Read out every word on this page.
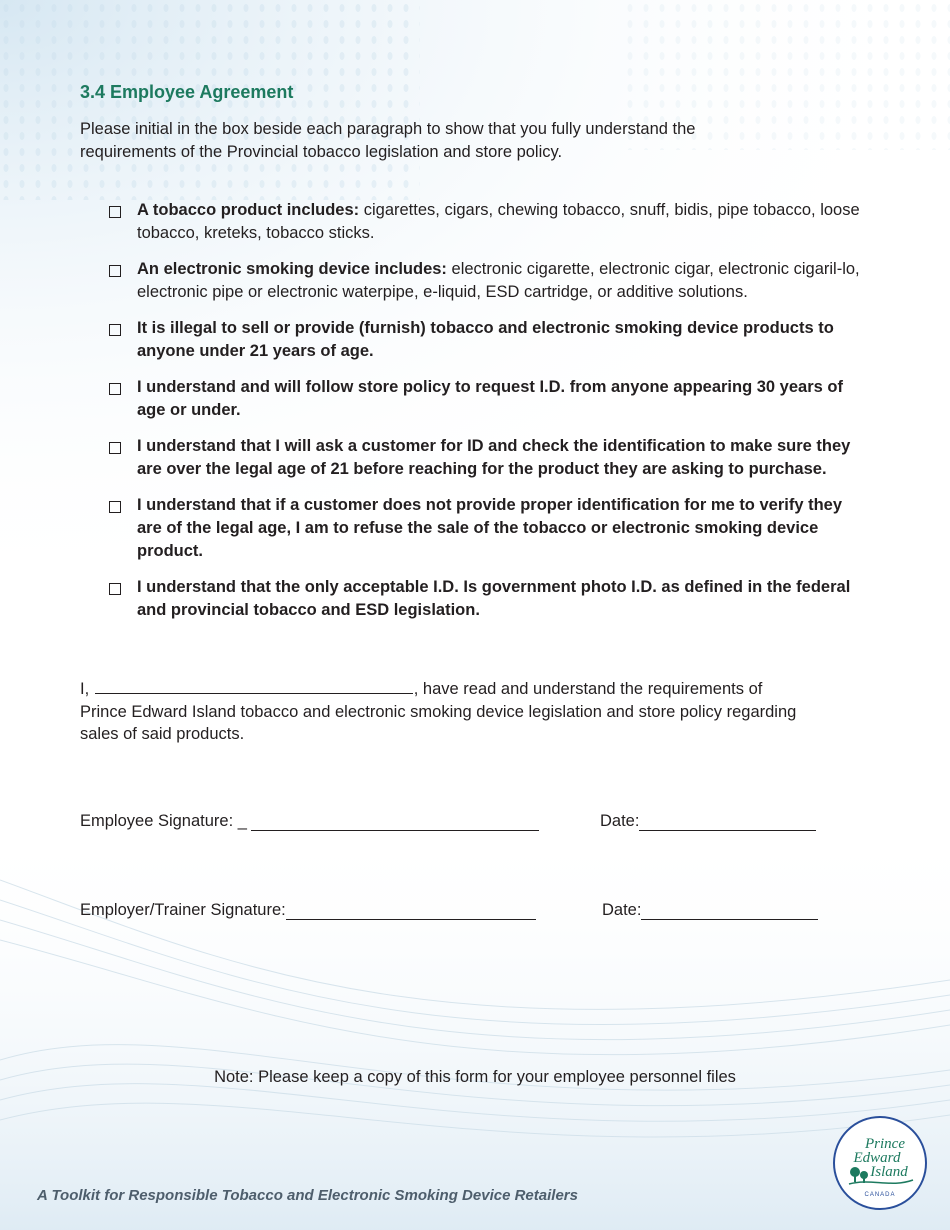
3.4 Employee Agreement

Please initial in the box beside each paragraph to show that you fully understand the requirements of the Provincial tobacco legislation and store policy.

A tobacco product includes: cigarettes, cigars, chewing tobacco, snuff, bidis, pipe tobacco, loose tobacco, kreteks, tobacco sticks.
An electronic smoking device includes: electronic cigarette, electronic cigar, electronic cigaril-lo, electronic pipe or electronic waterpipe, e-liquid, ESD cartridge, or additive solutions.
It is illegal to sell or provide (furnish) tobacco and electronic smoking device products to anyone under 21 years of age.
I understand and will follow store policy to request I.D. from anyone appearing 30 years of age or under.
I understand that I will ask a customer for ID and check the identification to make sure they are over the legal age of 21 before reaching for the product they are asking to purchase.
I understand that if a customer does not provide proper identification for me to verify they are of the legal age, I am to refuse the sale of the tobacco or electronic smoking device product.
I understand that the only acceptable I.D. Is government photo I.D. as defined in the federal and provincial tobacco and ESD legislation.

I,	, have read and understand the requirements of Prince Edward Island tobacco and electronic smoking device legislation and store policy regarding sales of said products.

Employee Signature: _	Date:
Employer/Trainer Signature:	Date:

Note: Please keep a copy of this form for your employee personnel files

A Toolkit for Responsible Tobacco and Electronic Smoking Device Retailers

Prince
Edward
Island
CANADA
